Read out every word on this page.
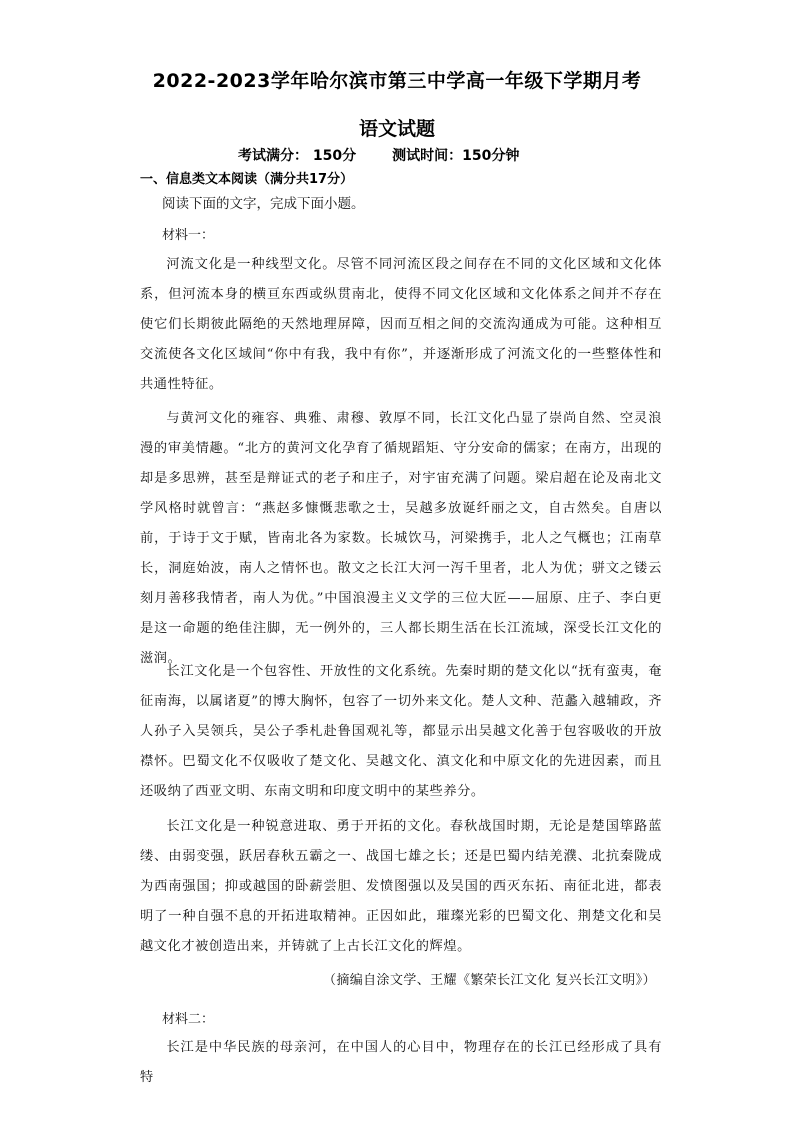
2022-2023学年哈尔滨市第三中学高一年级下学期月考
语文试题
考试满分： 150分	测试时间：150分钟
一、信息类文本阅读（满分共17分）
阅读下面的文字，完成下面小题。
材料一：

河流文化是一种线型文化。尽管不同河流区段之间存在不同的文化区域和文化体系，但河流本身的横亘东西或纵贯南北，使得不同文化区域和文化体系之间并不存在使它们长期彼此隔绝的天然地理屏障，因而互相之间的交流沟通成为可能。这种相互交流使各文化区域间“你中有我，我中有你”，并逐渐形成了河流文化的一些整体性和共通性特征。

与黄河文化的雍容、典雅、肃穆、敦厚不同，长江文化凸显了崇尚自然、空灵浪漫的审美情趣。“北方的黄河文化孕育了循规蹈矩、守分安命的儒家；在南方，出现的却是多思辨，甚至是辩证式的老子和庄子，对宇宙充满了问题。梁启超在论及南北文学风格时就曾言：“燕赵多慷慨悲歌之士，吴越多放诞纤丽之文，自古然矣。自唐以前，于诗于文于赋，皆南北各为家数。长城饮马，河梁携手，北人之气概也；江南草长，洞庭始波，南人之情怀也。散文之长江大河一泻千里者，北人为优；骈文之镂云刻月善移我情者，南人为优。”中国浪漫主义文学的三位大匠——屈原、庄子、李白更是这一命题的绝佳注脚，无一例外的，三人都长期生活在长江流域，深受长江文化的滋润。

长江文化是一个包容性、开放性的文化系统。先秦时期的楚文化以“抚有蛮夷，奄征南海，以属诸夏”的博大胸怀，包容了一切外来文化。楚人文种、范蠡入越辅政，齐人孙子入吴领兵，吴公子季札赴鲁国观礼等，都显示出吴越文化善于包容吸收的开放襟怀。巴蜀文化不仅吸收了楚文化、吴越文化、滇文化和中原文化的先进因素，而且还吸纳了西亚文明、东南文明和印度文明中的某些养分。

长江文化是一种锐意进取、勇于开拓的文化。春秋战国时期，无论是楚国筚路蓝缕、由弱变强，跃居春秋五霸之一、战国七雄之长；还是巴蜀内结羌濮、北抗秦陇成为西南强国；抑或越国的卧薪尝胆、发愤图强以及吴国的西灭东拓、南征北进，都表明了一种自强不息的开拓进取精神。正因如此，璀璨光彩的巴蜀文化、荆楚文化和吴越文化才被创造出来，并铸就了上古长江文化的辉煌。

（摘编自涂文学、王耀《繁荣长江文化 复兴长江文明》）
材料二：

长江是中华民族的母亲河，在中国人的心目中，物理存在的长江已经形成了具有特
